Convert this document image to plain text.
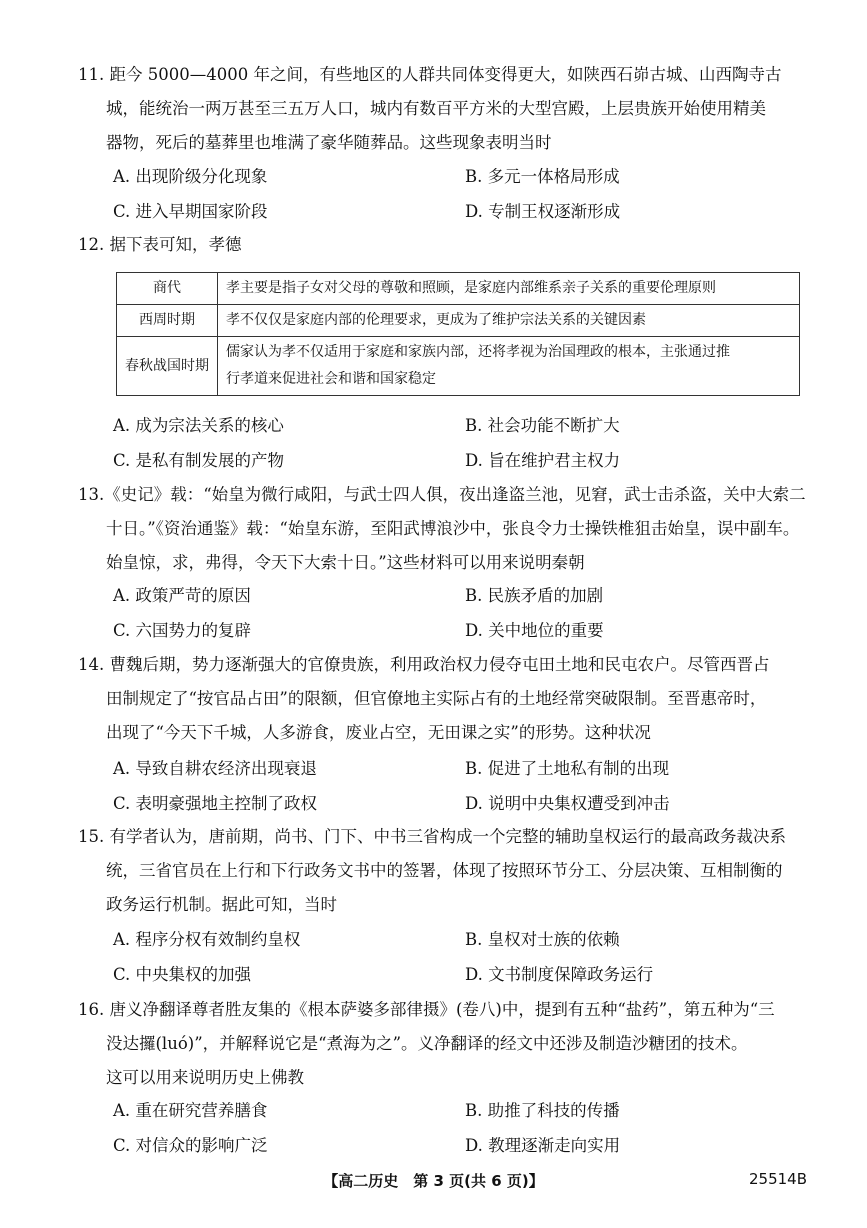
11. 距今 5000—4000 年之间，有些地区的人群共同体变得更大，如陕西石峁古城、山西陶寺古
城，能统治一两万甚至三五万人口，城内有数百平方米的大型宫殿，上层贵族开始使用精美
器物，死后的墓葬里也堆满了豪华随葬品。这些现象表明当时
A. 出现阶级分化现象	B. 多元一体格局形成
C. 进入早期国家阶段	D. 专制王权逐渐形成
12. 据下表可知，孝德
商代	孝主要是指子女对父母的尊敬和照顾，是家庭内部维系亲子关系的重要伦理原则
西周时期	孝不仅仅是家庭内部的伦理要求，更成为了维护宗法关系的关键因素
春秋战国时期	儒家认为孝不仅适用于家庭和家族内部，还将孝视为治国理政的根本，主张通过推
行孝道来促进社会和谐和国家稳定
A. 成为宗法关系的核心	B. 社会功能不断扩大
C. 是私有制发展的产物	D. 旨在维护君主权力
13.《史记》载：“始皇为微行咸阳，与武士四人俱，夜出逢盗兰池，见窘，武士击杀盗，关中大索二
十日。”《资治通鉴》载：“始皇东游，至阳武博浪沙中，张良令力士操铁椎狙击始皇，误中副车。
始皇惊，求，弗得，令天下大索十日。”这些材料可以用来说明秦朝
A. 政策严苛的原因	B. 民族矛盾的加剧
C. 六国势力的复辟	D. 关中地位的重要
14. 曹魏后期，势力逐渐强大的官僚贵族，利用政治权力侵夺屯田土地和民屯农户。尽管西晋占
田制规定了“按官品占田”的限额，但官僚地主实际占有的土地经常突破限制。至晋惠帝时，
出现了“今天下千城，人多游食，废业占空，无田课之实”的形势。这种状况
A. 导致自耕农经济出现衰退	B. 促进了土地私有制的出现
C. 表明豪强地主控制了政权	D. 说明中央集权遭受到冲击
15. 有学者认为，唐前期，尚书、门下、中书三省构成一个完整的辅助皇权运行的最高政务裁决系
统，三省官员在上行和下行政务文书中的签署，体现了按照环节分工、分层决策、互相制衡的
政务运行机制。据此可知，当时
A. 程序分权有效制约皇权	B. 皇权对士族的依赖
C. 中央集权的加强	D. 文书制度保障政务运行
16. 唐义净翻译尊者胜友集的《根本萨婆多部律摄》(卷八)中，提到有五种“盐药”，第五种为“三
没达攞(luó)”，并解释说它是“煮海为之”。义净翻译的经文中还涉及制造沙糖团的技术。
这可以用来说明历史上佛教
A. 重在研究营养膳食	B. 助推了科技的传播
C. 对信众的影响广泛	D. 教理逐渐走向实用
【高二历史　第 3 页(共 6 页)】	25514B
